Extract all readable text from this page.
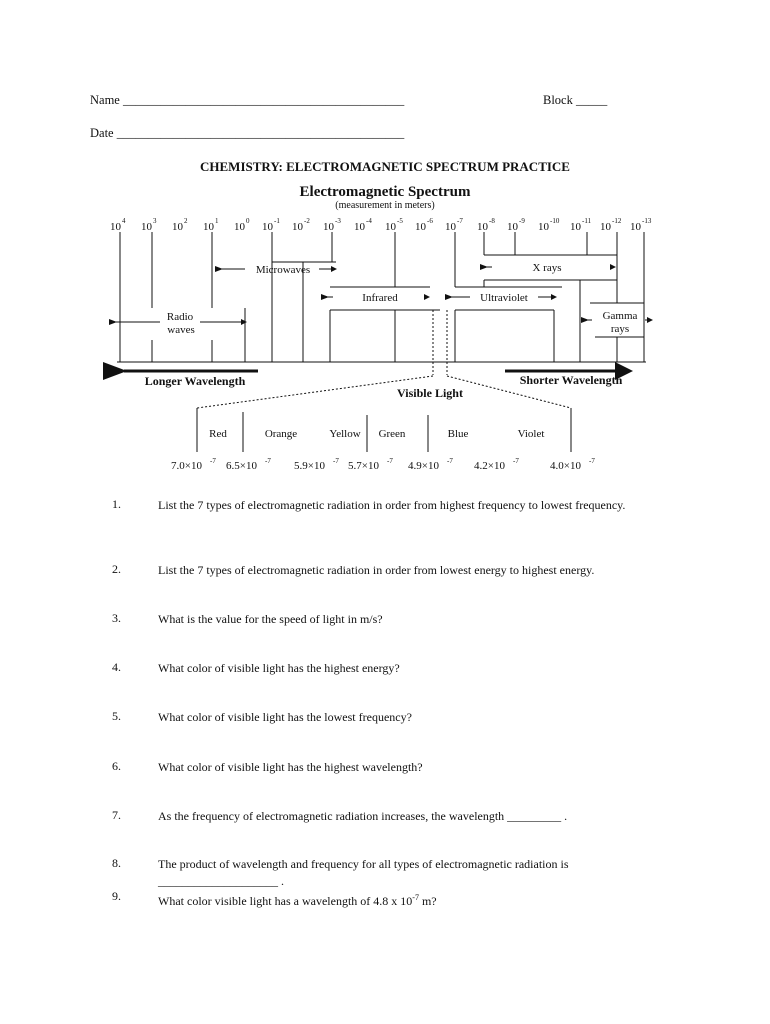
Name _____________________________________________	Block _____
Date ______________________________________________
CHEMISTRY: ELECTROMAGNETIC SPECTRUM PRACTICE
Electromagnetic Spectrum
(measurement in meters)
10 4 10 3 10 2 10 1 10 0 10 -1 10 -2 10 -3 10 -4 10 -5 10 -6 10 -7 10 -8 10 -9 10 -10 10 -11 10 -12 10 -13
Microwaves	X rays
Infrared	Ultraviolet
Radio
waves
Gamma
rays
Longer Wavelength	Shorter Wavelength
Visible Light
Red	Orange	Yellow Green	Blue	Violet
7.0×10 -7 6.5×10 -7 5.9×10 -7 5.7×10 -7 4.9×10 -7 4.2×10 -7	4.0×10 -7
1.	List the 7 types of electromagnetic radiation in order from highest frequency to lowest frequency.
2.	List the 7 types of electromagnetic radiation in order from lowest energy to highest energy.
3.	What is the value for the speed of light in m/s?
4.	What color of visible light has the highest energy?
5.	What color of visible light has the lowest frequency?
6.	What color of visible light has the highest wavelength?
7.	As the frequency of electromagnetic radiation increases, the wavelength _________ .
8.	The product of wavelength and frequency for all types of electromagnetic radiation is ____________________ .
9.	What color visible light has a wavelength of 4.8 x $10^{-7}$ m?
